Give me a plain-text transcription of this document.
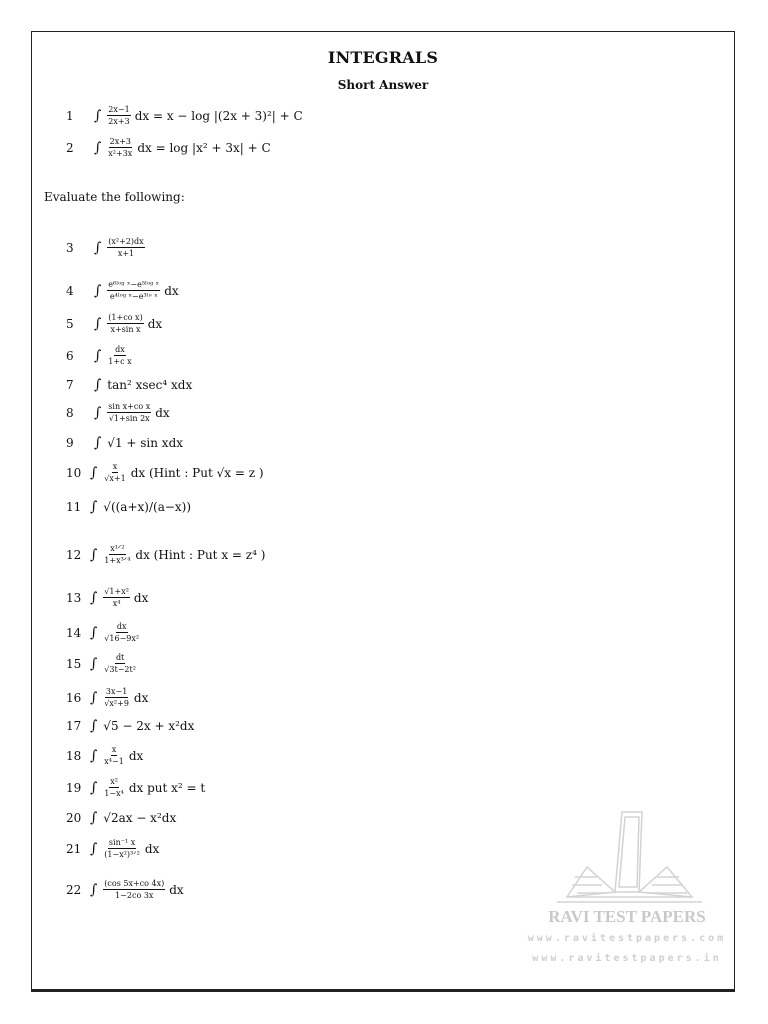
INTEGRALS
Short Answer
Evaluate the following:
1	∫ $\frac{2x-1}{2x+3}$ dx = x − log |(2x + 3)²| + C
2	∫ $\frac{2x+3}{\text{x²+3x}}$ dx = log |x² + 3x| + C
3	∫ $\frac{\text{(x²+2)dx}}{x+1}$
4	∫ $\frac{\text{e⁶ˡᵒᵍ ˣ−e⁵ˡᵒᵍ ˣ}}{\text{e⁴ˡᵒᵍ ˣ−e³ˡᵒ ˣ}}$ dx
5	∫ $\frac{\text{(1+co x)}}{\text{x+sin x}}$ dx
6	∫ $\frac{dx}{\text{1+c x}}$
7	∫ tan² xsec⁴ xdx
8	∫ $\frac{\text{sin x+co x}}{√1+\sin 2x}$ dx
9	∫ √1 + sin xdx
10 ∫ $\frac{x}{√x+1}$ dx (Hint : Put √x = z )
11 ∫ √((a+x)/(a−x))
12 ∫ $\frac{\text{x¹ᐟ²}}{\text{1+x³ᐟ⁴}}$ dx (Hint : Put x = z⁴ )
13 ∫ $\frac{\text{√1+x²}}{\text{x⁴}}$ dx
14 ∫ $\frac{dx}{\text{√16−9x²}}$
15 ∫ $\frac{dt}{\text{√3t−2t²}}$
16 ∫ $\frac{3x-1}{\text{√x²+9}}$ dx
17 ∫ √5 − 2x + x²dx
18 ∫ $\frac{x}{\text{x⁴−1}}$ dx
19 ∫ $\frac{\text{x²}}{\text{1−x⁴}}$ dx put x² = t
20 ∫ √2ax − x²dx
21 ∫ $\frac{\text{sin⁻¹ x}}{\text{(1−x²)³ᐟ²}}$ dx
22 ∫ $\frac{(\cos 5x+co 4x)}{1-2co 3x}$ dx
RAVI TEST PAPERS
www.ravitestpapers.com
www.ravitestpapers.in
